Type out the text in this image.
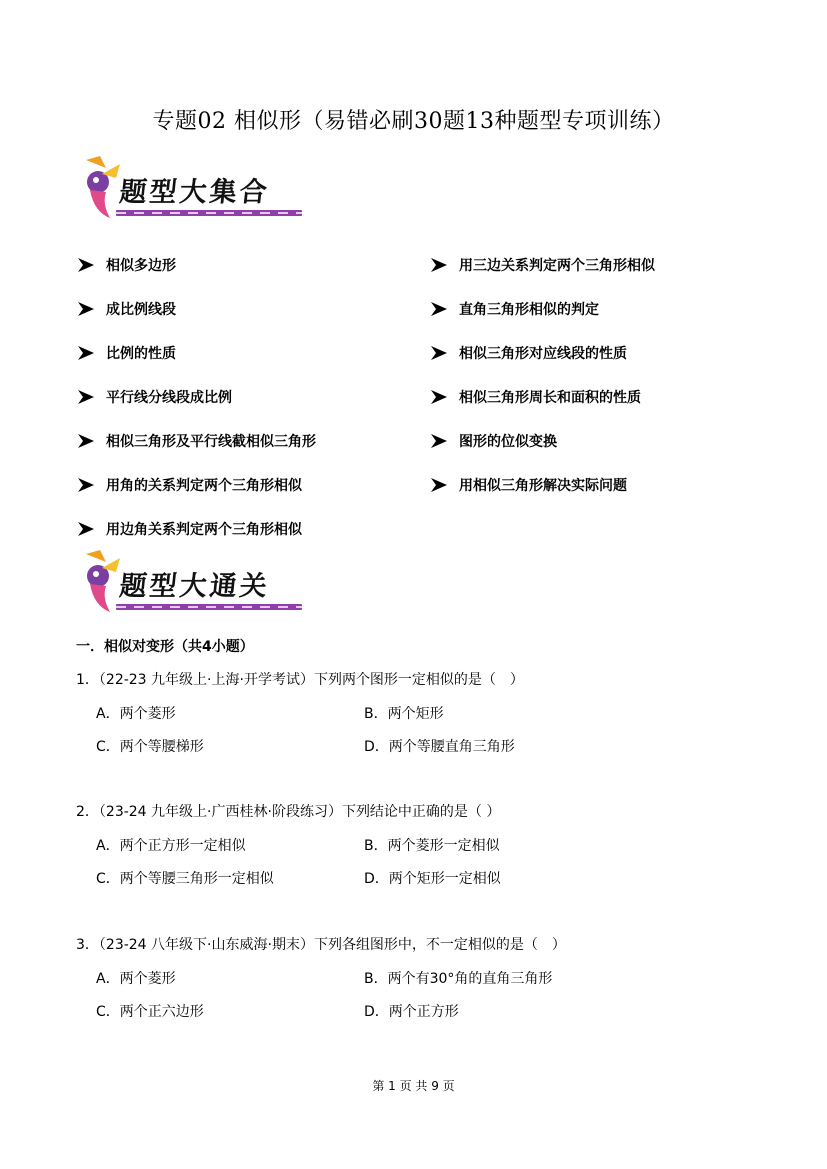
专题02 相似形（易错必刷30题13种题型专项训练）
题型大集合
相似多边形
成比例线段
比例的性质
平行线分线段成比例
相似三角形及平行线截相似三角形
用角的关系判定两个三角形相似
用边角关系判定两个三角形相似
用三边关系判定两个三角形相似
直角三角形相似的判定
相似三角形对应线段的性质
相似三角形周长和面积的性质
图形的位似变换
用相似三角形解决实际问题
题型大通关
一．相似对变形（共4小题）
1．（22-23 九年级上·上海·开学考试）下列两个图形一定相似的是（　）
A．两个菱形	B．两个矩形
C．两个等腰梯形	D．两个等腰直角三角形
2．（23-24 九年级上·广西桂林·阶段练习）下列结论中正确的是（ ）
A．两个正方形一定相似	B．两个菱形一定相似
C．两个等腰三角形一定相似	D．两个矩形一定相似
3．（23-24 八年级下·山东威海·期末）下列各组图形中，不一定相似的是（　）
A．两个菱形	B．两个有30°角的直角三角形
C．两个正六边形	D．两个正方形
第 1 页 共 9 页
